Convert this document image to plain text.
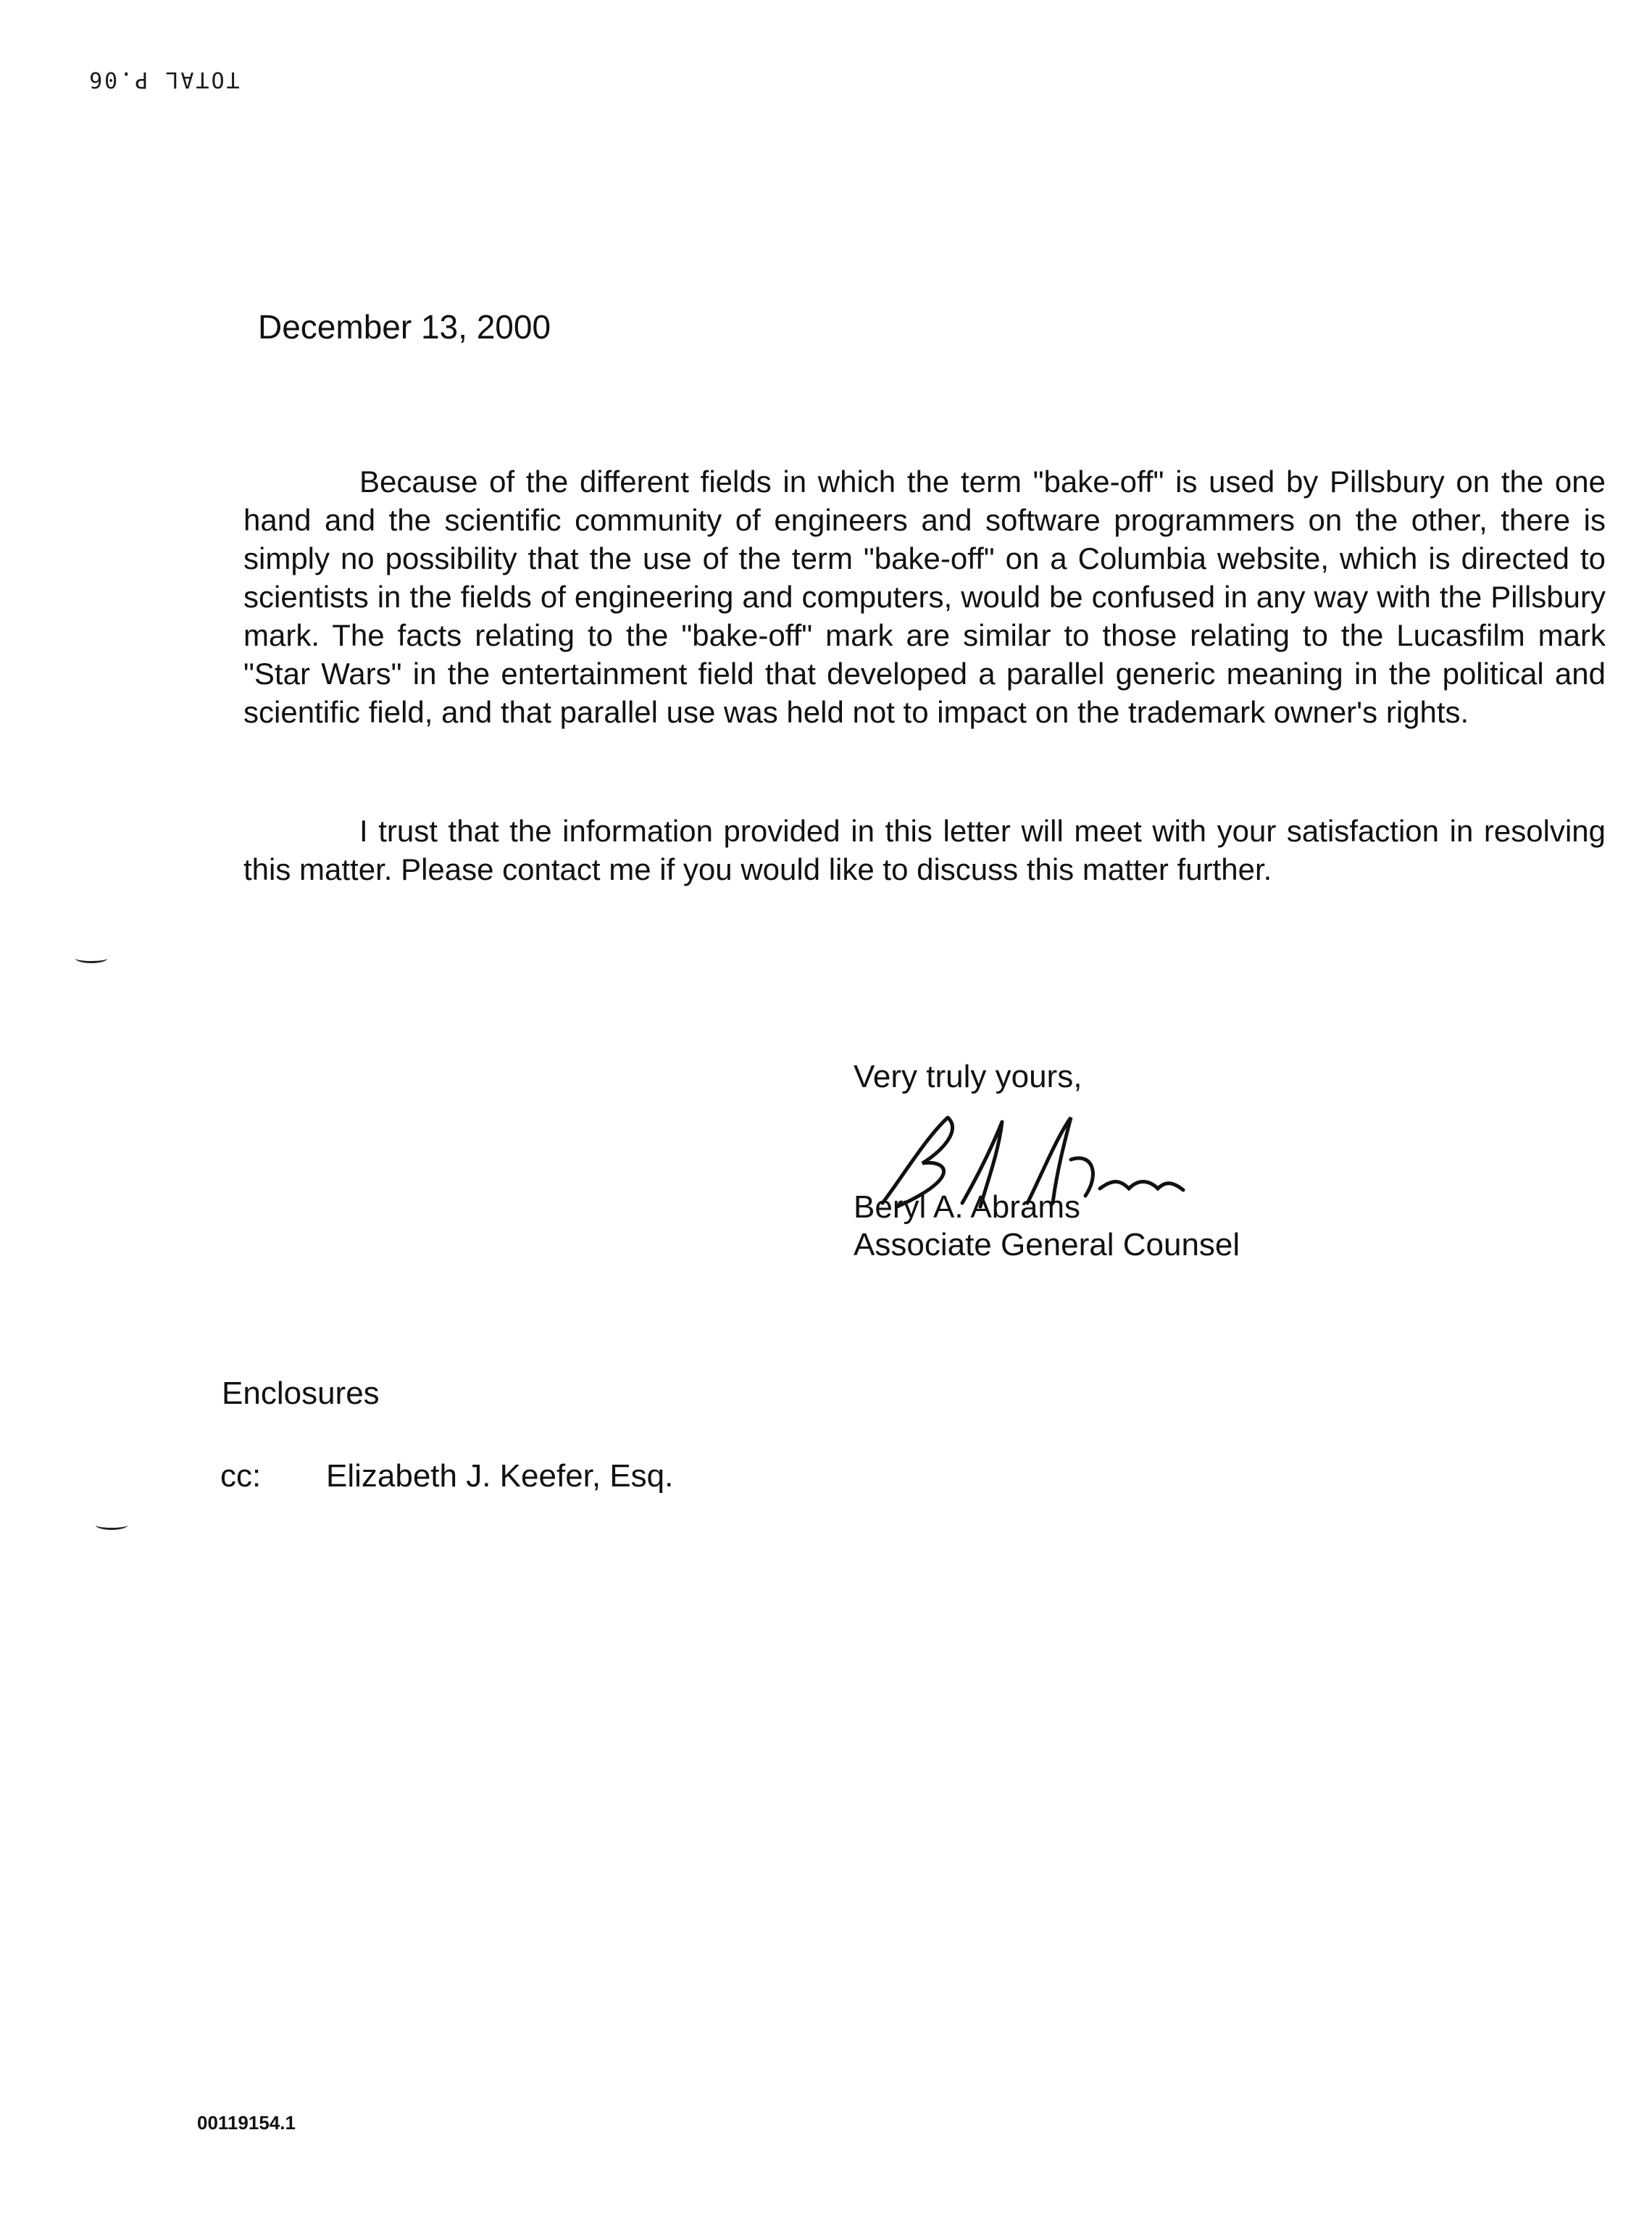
TOTAL P.06
December 13, 2000

Because of the different fields in which the term "bake-off" is used by Pillsbury on the one hand and the scientific community of engineers and software programmers on the other, there is simply no possibility that the use of the term "bake-off" on a Columbia website, which is directed to scientists in the fields of engineering and computers, would be confused in any way with the Pillsbury mark. The facts relating to the "bake-off" mark are similar to those relating to the Lucasfilm mark "Star Wars" in the entertainment field that developed a parallel generic meaning in the political and scientific field, and that parallel use was held not to impact on the trademark owner's rights.

I trust that the information provided in this letter will meet with your satisfaction in resolving this matter. Please contact me if you would like to discuss this matter further.

Very truly yours,

Beryl A. Abrams

Associate General Counsel

Enclosures
cc: Elizabeth J. Keefer, Esq.
00119154.1
